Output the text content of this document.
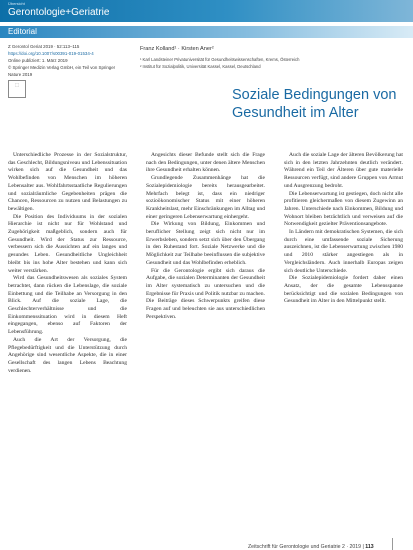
Übersicht
Gerontologie+Geriatrie
Editorial
Z Gerontol Geriat 2019 · 52:113–115
https://doi.org/10.1007/s00391-019-01534-4
Online publiziert: 1. März 2019
© Springer Medizin Verlag GmbH, ein Teil von Springer Nature 2019
⬚
Franz Kolland¹ · Kirsten Aner²
¹ Karl Landsteiner Privatuniversität für Gesundheitswissenschaften, Krems, Österreich
² Institut für Sozialpolitik, Universität Kassel, Kassel, Deutschland
Soziale Bedingungen von Gesundheit im Alter

Unterschiedliche Prozesse in der Sozialstruktur, das Geschlecht, Bildungsniveau und Lebenssituation wirken sich auf die Gesundheit und das Wohlbefinden von Menschen im höheren Lebensalter aus. Wohlfahrtsstaatliche Regulierungen und sozialräumliche Gegebenheiten prägen die Chancen, Ressourcen zu nutzen und Belastungen zu bewältigen.

Die Position des Individuums in der sozialen Hierarchie ist nicht nur für Wohlstand und Zugehörigkeit maßgeblich, sondern auch für Gesundheit. Wird der Status zur Ressource, verbessern sich die Aussichten auf ein langes und gesundes Leben. Gesundheitliche Ungleichheit bleibt bis ins hohe Alter bestehen und kann sich weiter verstärken.

Wird das Gesundheitswesen als soziales System betrachtet, dann rücken die Lebenslage, die soziale Einbettung und die Teilhabe an Versorgung in den Blick. Auf die soziale Lage, die Geschlechterverhältnisse und die Einkommenssituation wird in diesem Heft eingegangen, ebenso auf Faktoren der Lebensführung.

Auch die Art der Versorgung, die Pflegebedürftigkeit und die Unterstützung durch Angehörige sind wesentliche Aspekte, die in einer Gesellschaft des langen Lebens Beachtung verdienen.

Angesichts dieser Befunde stellt sich die Frage nach den Bedingungen, unter denen ältere Menschen ihre Gesundheit erhalten können.

Grundlegende Zusammenhänge hat die Sozialepidemiologie bereits herausgearbeitet. Mehrfach belegt ist, dass ein niedriger sozioökonomischer Status mit einer höheren Krankheitslast, mehr Einschränkungen im Alltag und einer geringeren Lebenserwartung einhergeht.

Die Wirkung von Bildung, Einkommen und beruflicher Stellung zeigt sich nicht nur im Erwerbsleben, sondern setzt sich über den Übergang in den Ruhestand fort. Soziale Netzwerke und die Möglichkeit zur Teilhabe beeinflussen die subjektive Gesundheit und das Wohlbefinden erheblich.

Für die Gerontologie ergibt sich daraus die Aufgabe, die sozialen Determinanten der Gesundheit im Alter systematisch zu untersuchen und die Ergebnisse für Praxis und Politik nutzbar zu machen. Die Beiträge dieses Schwerpunkts greifen diese Fragen auf und beleuchten sie aus unterschiedlichen Perspektiven.

Auch die soziale Lage der älteren Bevölkerung hat sich in den letzten Jahrzehnten deutlich verändert. Während ein Teil der Älteren über gute materielle Ressourcen verfügt, sind andere Gruppen von Armut und Ausgrenzung bedroht.

Die Lebenserwartung ist gestiegen, doch nicht alle profitieren gleichermaßen von diesem Zugewinn an Jahren. Unterschiede nach Einkommen, Bildung und Wohnort bleiben beträchtlich und verweisen auf die Notwendigkeit gezielter Präventionsangebote.

In Ländern mit demokratischen Systemen, die sich durch eine umfassende soziale Sicherung auszeichnen, ist die Lebenserwartung zwischen 1980 und 2010 stärker angestiegen als in Vergleichsländern. Auch innerhalb Europas zeigen sich deutliche Unterschiede.

Die Sozialepidemiologie fordert daher einen Ansatz, der die gesamte Lebensspanne berücksichtigt und die sozialen Bedingungen von Gesundheit im Alter in den Mittelpunkt stellt.

Zeitschrift für Gerontologie und Geriatrie 2 · 2019 | 113
